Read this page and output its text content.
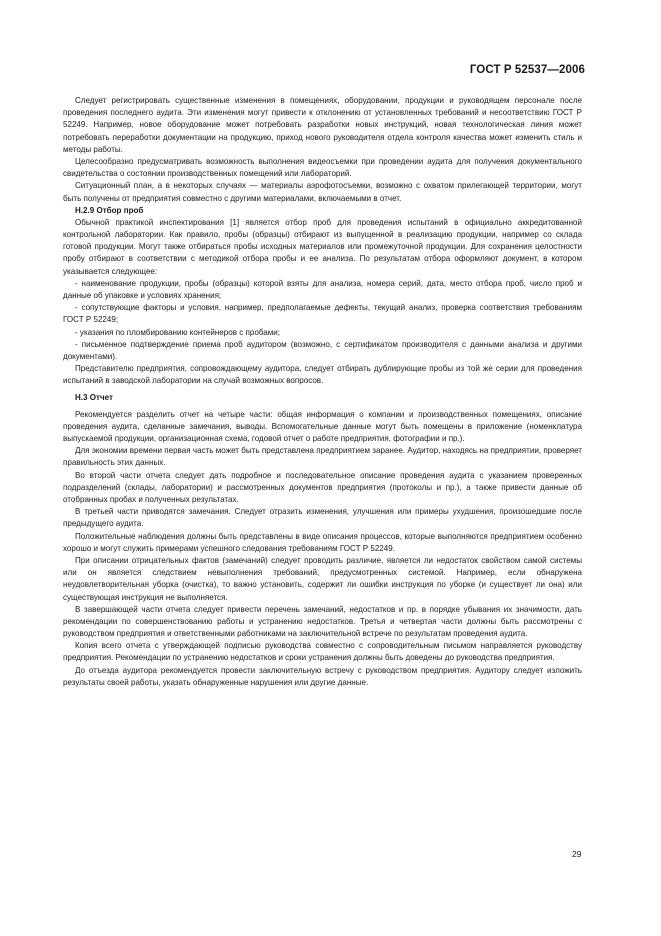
ГОСТ Р 52537—2006

Следует регистрировать существенные изменения в помещениях, оборудовании, продукции и руководящем персонале после проведения последнего аудита. Эти изменения могут привести к отклонению от установленных требований и несоответствию ГОСТ Р 52249. Например, новое оборудование может потребовать разработки новых инструкций, новая технологическая линия может потребовать переработки документации на продукцию, приход нового руководителя отдела контроля качества может изменить стиль и методы работы.

Целесообразно предусматривать возможность выполнения видеосъемки при проведении аудита для получения документального свидетельства о состоянии производственных помещений или лабораторий.

Ситуационный план, а в некоторых случаях — материалы аэрофотосъемки, возможно с охватом прилегающей территории, могут быть получены от предприятия совместно с другими материалами, включаемыми в отчет.

Н.2.9 Отбор проб

Обычной практикой инспектирования [1] является отбор проб для проведения испытаний в официально аккредитованной контрольной лаборатории. Как правило, пробы (образцы) отбирают из выпущенной в реализацию продукции, например со склада готовой продукции. Могут также отбираться пробы исходных материалов или промежуточной продукции. Для сохранения целостности пробу отбирают в соответствии с методикой отбора пробы и ее анализа. По результатам отбора оформляют документ, в котором указывается следующее:

- наименование продукции, пробы (образцы) которой взяты для анализа, номера серий, дата, место отбора проб, число проб и данные об упаковке и условиях хранения;

- сопутствующие факторы и условия, например, предполагаемые дефекты, текущий анализ, проверка соответствия требованиям ГОСТ Р 52249;

- указания по пломбированию контейнеров с пробами;

- письменное подтверждение приема проб аудитором (возможно, с сертификатом производителя с данными анализа и другими документами).

Представителю предприятия, сопровождающему аудитора, следует отбирать дублирующие пробы из той же серии для проведения испытаний в заводской лаборатории на случай возможных вопросов.

Н.3 Отчет

Рекомендуется разделить отчет на четыре части: общая информация о компании и производственных помещениях, описание проведения аудита, сделанные замечания, выводы. Вспомогательные данные могут быть помещены в приложение (номенклатура выпускаемой продукции, организационная схема, годовой отчет о работе предприятия, фотографии и пр.).

Для экономии времени первая часть может быть представлена предприятием заранее. Аудитор, находясь на предприятии, проверяет правильность этих данных.

Во второй части отчета следует дать подробное и последовательное описание проведения аудита с указанием проверенных подразделений (склады, лаборатории) и рассмотренных документов предприятия (протоколы и пр.), а также привести данные об отобранных пробах и полученных результатах.

В третьей части приводятся замечания. Следует отразить изменения, улучшения или примеры ухудшения, произошедшие после предыдущего аудита.

Положительные наблюдения должны быть представлены в виде описания процессов, которые выполняются предприятием особенно хорошо и могут служить примерами успешного следования требованиям ГОСТ Р 52249.

При описании отрицательных фактов (замечаний) следует проводить различие, является ли недостаток свойством самой системы или он является следствием невыполнения требований, предусмотренных системой. Например, если обнаружена неудовлетворительная уборка (очистка), то важно установить, содержит ли ошибки инструкция по уборке (и существует ли она) или существующая инструкция не выполняется.

В завершающей части отчета следует привести перечень замечаний, недостатков и пр. в порядке убывания их значимости, дать рекомендации по совершенствованию работы и устранению недостатков. Третья и четвертая части должны быть рассмотрены с руководством предприятия и ответственными работниками на заключительной встрече по результатам проведения аудита.

Копия всего отчета с утверждающей подписью руководства совместно с сопроводительным письмом направляется руководству предприятия. Рекомендации по устранению недостатков и сроки устранения должны быть доведены до руководства предприятия.

До отъезда аудитора рекомендуется провести заключительную встречу с руководством предприятия. Аудитору следует изложить результаты своей работы, указать обнаруженные нарушения или другие данные.

29
